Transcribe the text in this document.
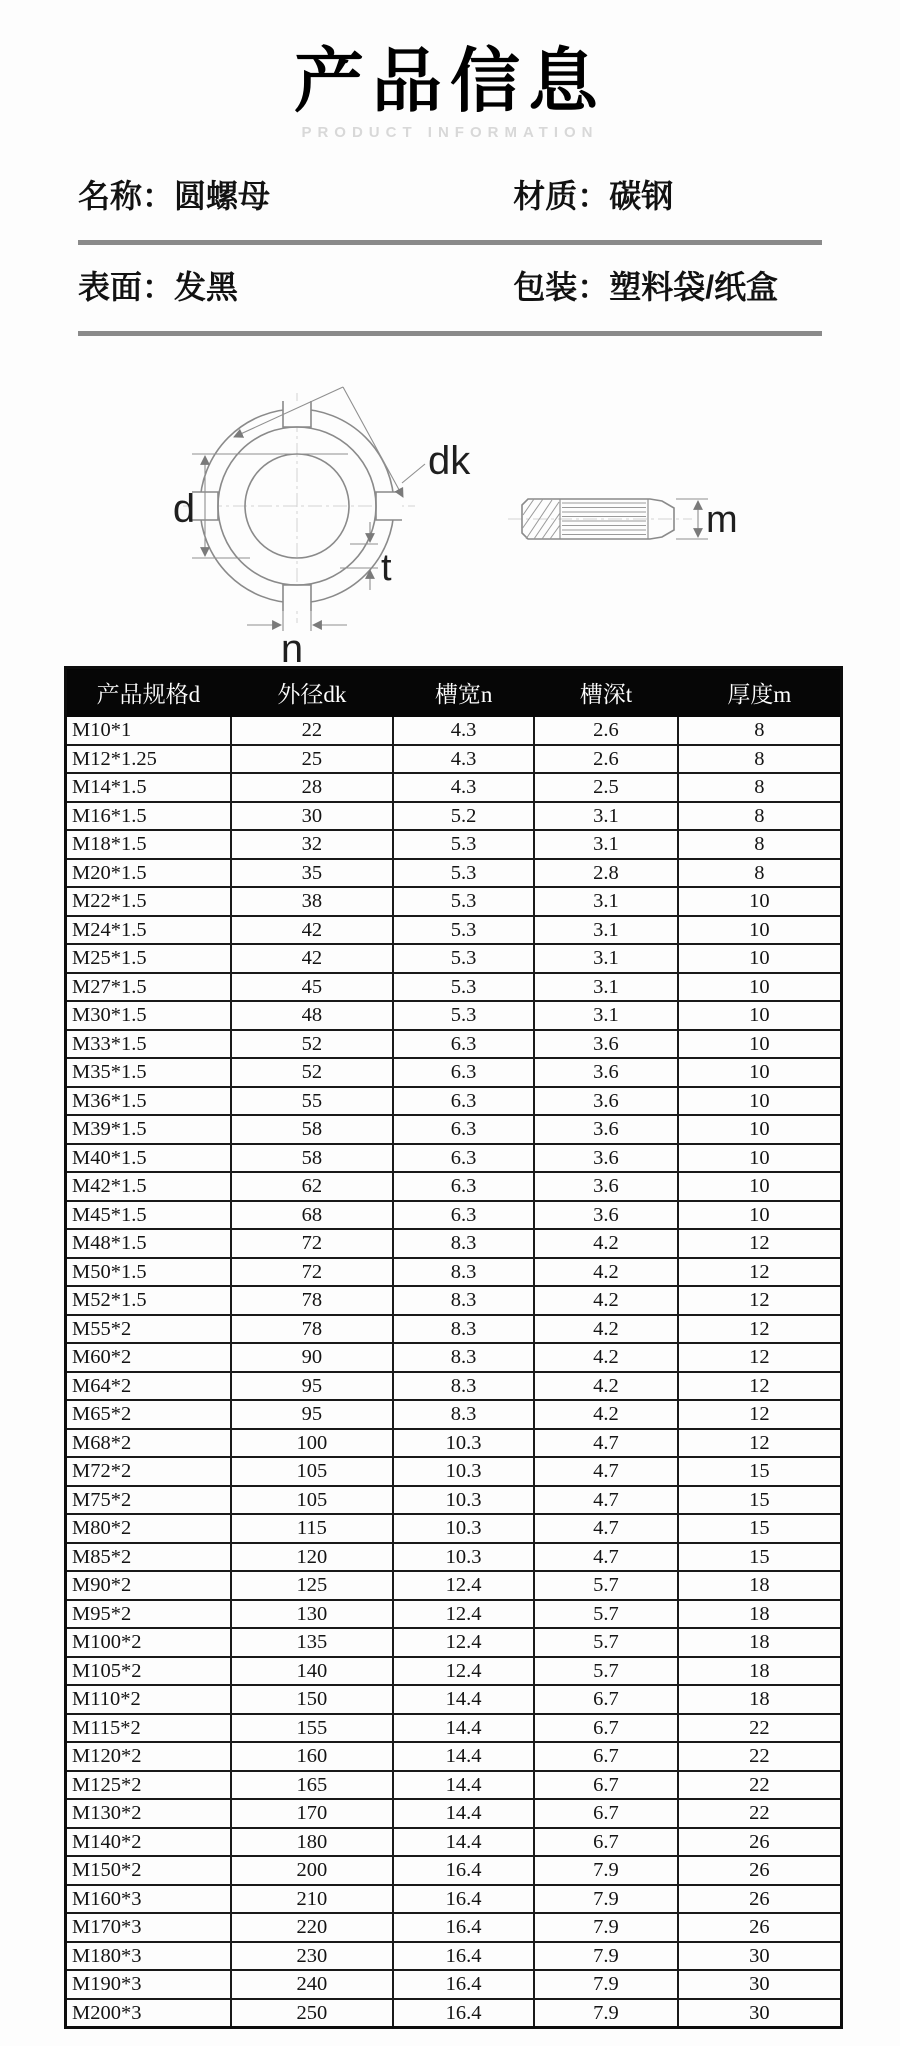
产品信息
PRODUCT INFORMATION
名称：圆螺母	材质：碳钢
表面：发黑	包装：塑料袋/纸盒
d
dk
t
n
m
产品规格d	外径dk	槽宽n	槽深t	厚度m
M10*1	22	4.3	2.6	8
M12*1.25	25	4.3	2.6	8
M14*1.5	28	4.3	2.5	8
M16*1.5	30	5.2	3.1	8
M18*1.5	32	5.3	3.1	8
M20*1.5	35	5.3	2.8	8
M22*1.5	38	5.3	3.1	10
M24*1.5	42	5.3	3.1	10
M25*1.5	42	5.3	3.1	10
M27*1.5	45	5.3	3.1	10
M30*1.5	48	5.3	3.1	10
M33*1.5	52	6.3	3.6	10
M35*1.5	52	6.3	3.6	10
M36*1.5	55	6.3	3.6	10
M39*1.5	58	6.3	3.6	10
M40*1.5	58	6.3	3.6	10
M42*1.5	62	6.3	3.6	10
M45*1.5	68	6.3	3.6	10
M48*1.5	72	8.3	4.2	12
M50*1.5	72	8.3	4.2	12
M52*1.5	78	8.3	4.2	12
M55*2	78	8.3	4.2	12
M60*2	90	8.3	4.2	12
M64*2	95	8.3	4.2	12
M65*2	95	8.3	4.2	12
M68*2	100	10.3	4.7	12
M72*2	105	10.3	4.7	15
M75*2	105	10.3	4.7	15
M80*2	115	10.3	4.7	15
M85*2	120	10.3	4.7	15
M90*2	125	12.4	5.7	18
M95*2	130	12.4	5.7	18
M100*2	135	12.4	5.7	18
M105*2	140	12.4	5.7	18
M110*2	150	14.4	6.7	18
M115*2	155	14.4	6.7	22
M120*2	160	14.4	6.7	22
M125*2	165	14.4	6.7	22
M130*2	170	14.4	6.7	22
M140*2	180	14.4	6.7	26
M150*2	200	16.4	7.9	26
M160*3	210	16.4	7.9	26
M170*3	220	16.4	7.9	26
M180*3	230	16.4	7.9	30
M190*3	240	16.4	7.9	30
M200*3	250	16.4	7.9	30
